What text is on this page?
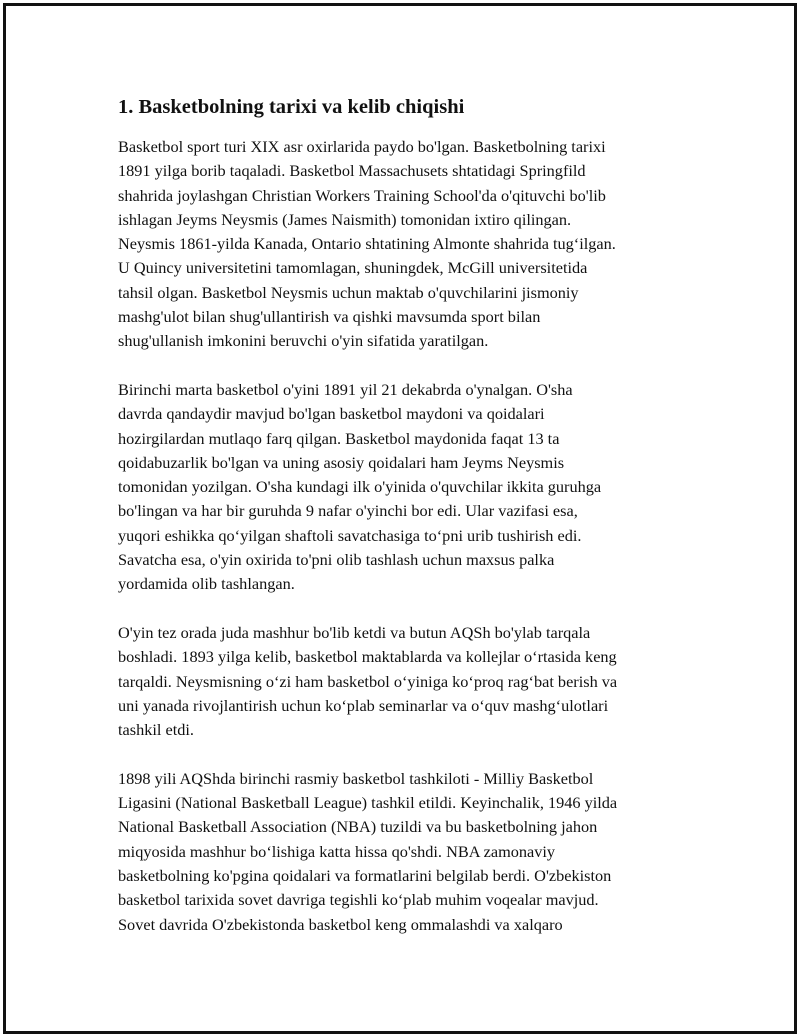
1. Basketbolning tarixi va kelib chiqishi
Basketbol sport turi XIX asr oxirlarida paydo bo'lgan. Basketbolning tarixi
1891 yilga borib taqaladi. Basketbol Massachusets shtatidagi Springfild
shahrida joylashgan Christian Workers Training School'da o'qituvchi bo'lib
ishlagan Jeyms Neysmis (James Naismith) tomonidan ixtiro qilingan.
Neysmis 1861-yilda Kanada, Ontario shtatining Almonte shahrida tug‘ilgan.
U Quincy universitetini tamomlagan, shuningdek, McGill universitetida
tahsil olgan. Basketbol Neysmis uchun maktab o'quvchilarini jismoniy
mashg'ulot bilan shug'ullantirish va qishki mavsumda sport bilan
shug'ullanish imkonini beruvchi o'yin sifatida yaratilgan.
Birinchi marta basketbol o'yini 1891 yil 21 dekabrda o'ynalgan. O'sha
davrda qandaydir mavjud bo'lgan basketbol maydoni va qoidalari
hozirgilardan mutlaqo farq qilgan. Basketbol maydonida faqat 13 ta
qoidabuzarlik bo'lgan va uning asosiy qoidalari ham Jeyms Neysmis
tomonidan yozilgan. O'sha kundagi ilk o'yinida o'quvchilar ikkita guruhga
bo'lingan va har bir guruhda 9 nafar o'yinchi bor edi. Ular vazifasi esa,
yuqori eshikka qo‘yilgan shaftoli savatchasiga to‘pni urib tushirish edi.
Savatcha esa, o'yin oxirida to'pni olib tashlash uchun maxsus palka
yordamida olib tashlangan.
O'yin tez orada juda mashhur bo'lib ketdi va butun AQSh bo'ylab tarqala
boshladi. 1893 yilga kelib, basketbol maktablarda va kollejlar o‘rtasida keng
tarqaldi. Neysmisning o‘zi ham basketbol o‘yiniga ko‘proq rag‘bat berish va
uni yanada rivojlantirish uchun ko‘plab seminarlar va o‘quv mashg‘ulotlari
tashkil etdi.
1898 yili AQShda birinchi rasmiy basketbol tashkiloti - Milliy Basketbol
Ligasini (National Basketball League) tashkil etildi. Keyinchalik, 1946 yilda
National Basketball Association (NBA) tuzildi va bu basketbolning jahon
miqyosida mashhur bo‘lishiga katta hissa qo'shdi. NBA zamonaviy
basketbolning ko'pgina qoidalari va formatlarini belgilab berdi. O'zbekiston
basketbol tarixida sovet davriga tegishli ko‘plab muhim voqealar mavjud.
Sovet davrida O'zbekistonda basketbol keng ommalashdi va xalqaro
